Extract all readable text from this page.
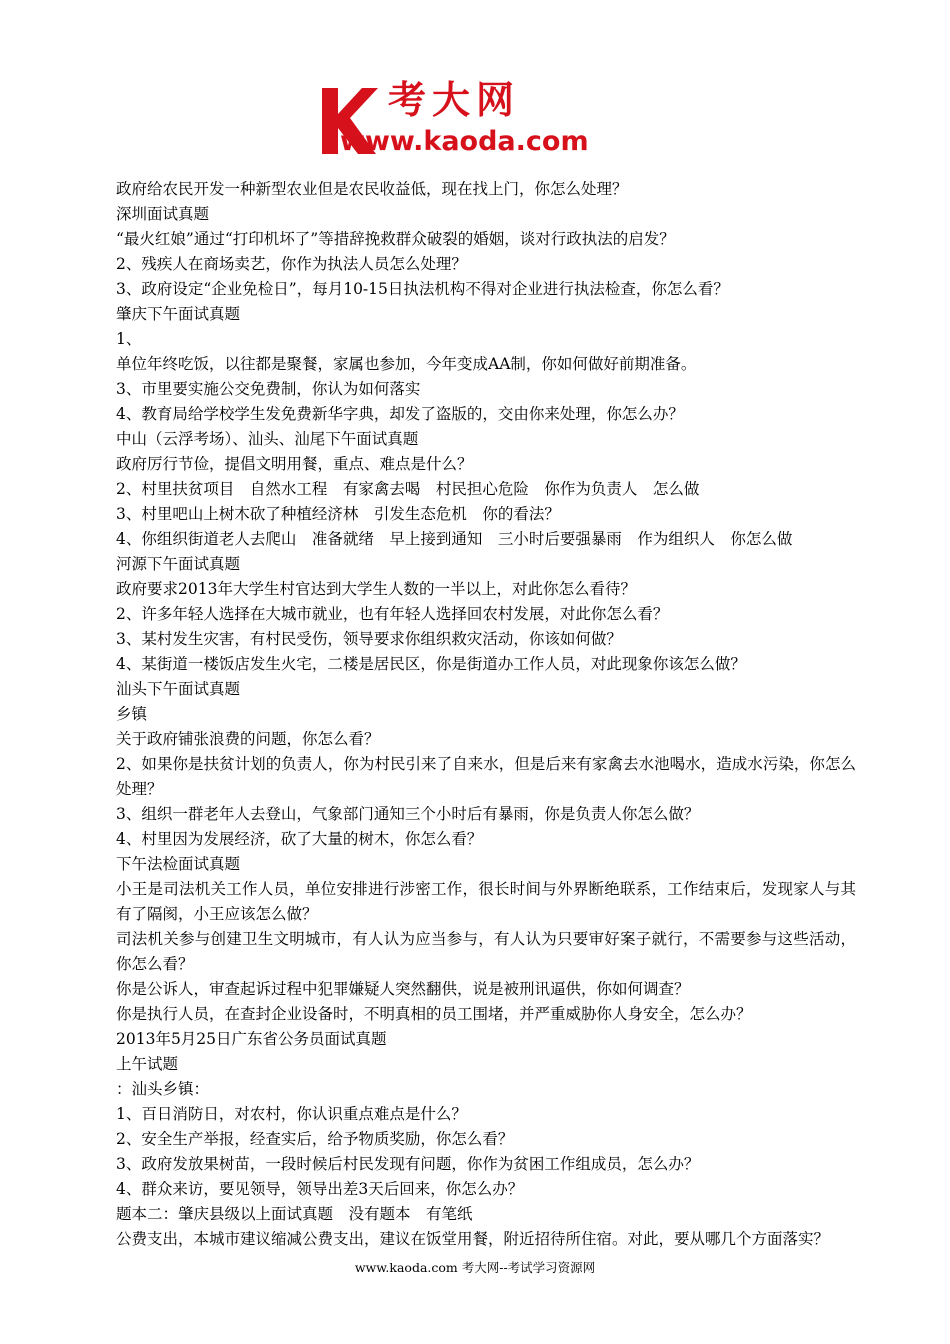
考大网
www.kaoda.com
政府给农民开发一种新型农业但是农民收益低，现在找上门，你怎么处理？
深圳面试真题
“最火红娘”通过“打印机坏了”等措辞挽救群众破裂的婚姻，谈对行政执法的启发？
2、残疾人在商场卖艺，你作为执法人员怎么处理？
3、政府设定“企业免检日”，每月10-15日执法机构不得对企业进行执法检查，你怎么看？
肇庆下午面试真题
1、
单位年终吃饭，以往都是聚餐，家属也参加，今年变成AA制，你如何做好前期准备。
3、市里要实施公交免费制，你认为如何落实
4、教育局给学校学生发免费新华字典，却发了盗版的，交由你来处理，你怎么办？
中山（云浮考场）、汕头、汕尾下午面试真题
政府厉行节俭，提倡文明用餐，重点、难点是什么？
2、村里扶贫项目　自然水工程　有家禽去喝　村民担心危险　你作为负责人　怎么做
3、村里吧山上树木砍了种植经济林　引发生态危机　你的看法？
4、你组织街道老人去爬山　准备就绪　早上接到通知　三小时后要强暴雨　作为组织人　你怎么做
河源下午面试真题
政府要求2013年大学生村官达到大学生人数的一半以上，对此你怎么看待？
2、许多年轻人选择在大城市就业，也有年轻人选择回农村发展，对此你怎么看？
3、某村发生灾害，有村民受伤，领导要求你组织救灾活动，你该如何做？
4、某街道一楼饭店发生火宅，二楼是居民区，你是街道办工作人员，对此现象你该怎么做？
汕头下午面试真题
乡镇
关于政府铺张浪费的问题，你怎么看？
2、如果你是扶贫计划的负责人，你为村民引来了自来水，但是后来有家禽去水池喝水，造成水污染，你怎么处理？
3、组织一群老年人去登山，气象部门通知三个小时后有暴雨，你是负责人你怎么做？
4、村里因为发展经济，砍了大量的树木，你怎么看？
下午法检面试真题
小王是司法机关工作人员，单位安排进行涉密工作，很长时间与外界断绝联系，工作结束后，发现家人与其有了隔阂，小王应该怎么做？
司法机关参与创建卫生文明城市，有人认为应当参与，有人认为只要审好案子就行，不需要参与这些活动，你怎么看？
你是公诉人，审查起诉过程中犯罪嫌疑人突然翻供，说是被刑讯逼供，你如何调查？
你是执行人员，在查封企业设备时，不明真相的员工围堵，并严重威胁你人身安全，怎么办？
2013年5月25日广东省公务员面试真题
上午试题
：汕头乡镇：
1、百日消防日，对农村，你认识重点难点是什么？
2、安全生产举报，经查实后，给予物质奖励，你怎么看？
3、政府发放果树苗，一段时候后村民发现有问题，你作为贫困工作组成员，怎么办？
4、群众来访，要见领导，领导出差3天后回来，你怎么办？
题本二：肇庆县级以上面试真题　没有题本　有笔纸
公费支出，本城市建议缩减公费支出，建议在饭堂用餐，附近招待所住宿。对此，要从哪几个方面落实？
www.kaoda.com 考大网--考试学习资源网
